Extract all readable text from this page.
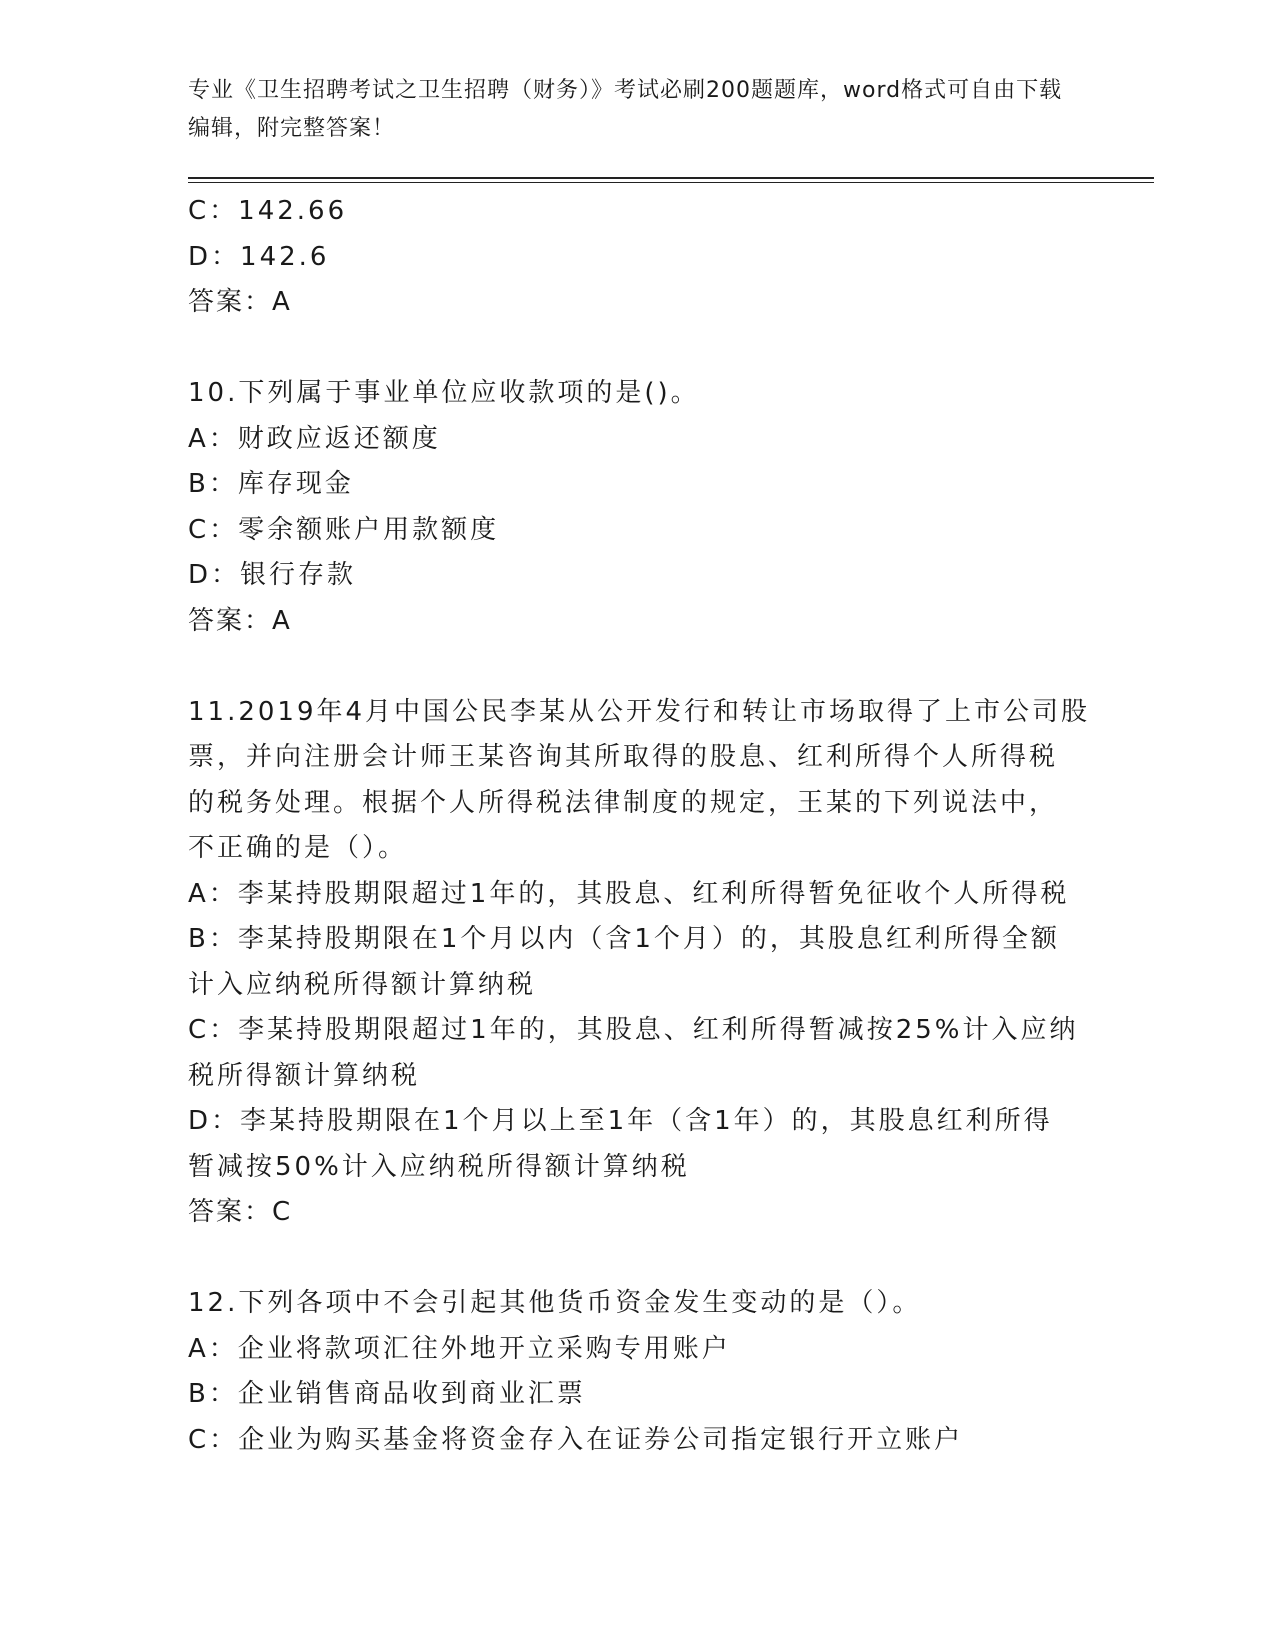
专业《卫生招聘考试之卫生招聘（财务）》考试必刷200题题库，word格式可自由下载编辑，附完整答案！
C：142.66
D：142.6
答案：A
10.下列属于事业单位应收款项的是()。
A：财政应返还额度
B：库存现金
C：零余额账户用款额度
D：银行存款
答案：A
11.2019年4月中国公民李某从公开发行和转让市场取得了上市公司股
票，并向注册会计师王某咨询其所取得的股息、红利所得个人所得税
的税务处理。根据个人所得税法律制度的规定，王某的下列说法中，
不正确的是（）。
A：李某持股期限超过1年的，其股息、红利所得暂免征收个人所得税
B：李某持股期限在1个月以内（含1个月）的，其股息红利所得全额
计入应纳税所得额计算纳税
C：李某持股期限超过1年的，其股息、红利所得暂减按25%计入应纳
税所得额计算纳税
D：李某持股期限在1个月以上至1年（含1年）的，其股息红利所得
暂减按50%计入应纳税所得额计算纳税
答案：C
12.下列各项中不会引起其他货币资金发生变动的是（）。
A：企业将款项汇往外地开立采购专用账户
B：企业销售商品收到商业汇票
C：企业为购买基金将资金存入在证券公司指定银行开立账户
